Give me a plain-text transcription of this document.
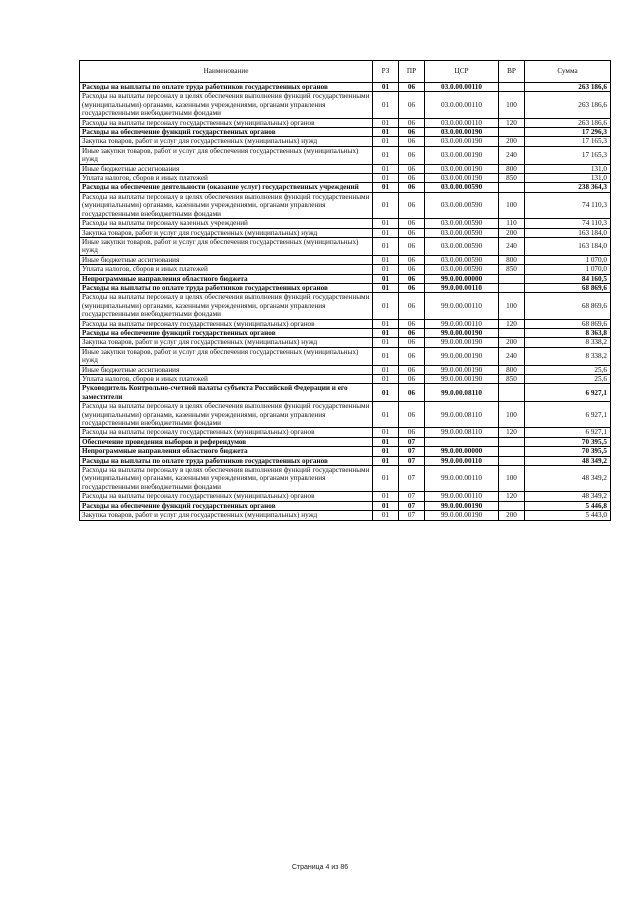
Наименование	РЗ	ПР	ЦСР	ВР	Сумма
Расходы на выплаты по оплате труда работников государственных органов	01	06	03.0.00.00110		263 186,6
Расходы на выплаты персоналу в целях обеспечения выполнения функций государственными (муниципальными) органами, казенными учреждениями, органами управления государственными внебюджетными фондами	01	06	03.0.00.00110	100	263 186,6
Расходы на выплаты персоналу государственных (муниципальных) органов	01	06	03.0.00.00110	120	263 186,6
Расходы на обеспечение функций государственных органов	01	06	03.0.00.00190		17 296,3
Закупка товаров, работ и услуг для государственных (муниципальных) нужд	01	06	03.0.00.00190	200	17 165,3
Иные закупки товаров, работ и услуг для обеспечения государственных (муниципальных) нужд	01	06	03.0.00.00190	240	17 165,3
Иные бюджетные ассигнования	01	06	03.0.00.00190	800	131,0
Уплата налогов, сборов и иных платежей	01	06	03.0.00.00190	850	131,0
Расходы на обеспечение деятельности (оказание услуг) государственных учреждений	01	06	03.0.00.00590		238 364,3
Расходы на выплаты персоналу в целях обеспечения выполнения функций государственными (муниципальными) органами, казенными учреждениями, органами управления государственными внебюджетными фондами	01	06	03.0.00.00590	100	74 110,3
Расходы на выплаты персоналу казенных учреждений	01	06	03.0.00.00590	110	74 110,3
Закупка товаров, работ и услуг для государственных (муниципальных) нужд	01	06	03.0.00.00590	200	163 184,0
Иные закупки товаров, работ и услуг для обеспечения государственных (муниципальных) нужд	01	06	03.0.00.00590	240	163 184,0
Иные бюджетные ассигнования	01	06	03.0.00.00590	800	1 070,0
Уплата налогов, сборов и иных платежей	01	06	03.0.00.00590	850	1 070,0
Непрограммные направления областного бюджета	01	06	99.0.00.00000		84 160,5
Расходы на выплаты по оплате труда работников государственных органов	01	06	99.0.00.00110		68 869,6
Расходы на выплаты персоналу в целях обеспечения выполнения функций государственными (муниципальными) органами, казенными учреждениями, органами управления государственными внебюджетными фондами	01	06	99.0.00.00110	100	68 869,6
Расходы на выплаты персоналу государственных (муниципальных) органов	01	06	99.0.00.00110	120	68 869,6
Расходы на обеспечение функций государственных органов	01	06	99.0.00.00190		8 363,8
Закупка товаров, работ и услуг для государственных (муниципальных) нужд	01	06	99.0.00.00190	200	8 338,2
Иные закупки товаров, работ и услуг для обеспечения государственных (муниципальных) нужд	01	06	99.0.00.00190	240	8 338,2
Иные бюджетные ассигнования	01	06	99.0.00.00190	800	25,6
Уплата налогов, сборов и иных платежей	01	06	99.0.00.00190	850	25,6
Руководитель Контрольно-счетной палаты субъекта Российской Федерации и его заместители	01	06	99.0.00.08110		6 927,1
Расходы на выплаты персоналу в целях обеспечения выполнения функций государственными (муниципальными) органами, казенными учреждениями, органами управления государственными внебюджетными фондами	01	06	99.0.00.08110	100	6 927,1
Расходы на выплаты персоналу государственных (муниципальных) органов	01	06	99.0.00.08110	120	6 927,1
Обеспечение проведения выборов и референдумов	01	07			70 395,5
Непрограммные направления областного бюджета	01	07	99.0.00.00000		70 395,5
Расходы на выплаты по оплате труда работников государственных органов	01	07	99.0.00.00110		48 349,2
Расходы на выплаты персоналу в целях обеспечения выполнения функций государственными (муниципальными) органами, казенными учреждениями, органами управления государственными внебюджетными фондами	01	07	99.0.00.00110	100	48 349,2
Расходы на выплаты персоналу государственных (муниципальных) органов	01	07	99.0.00.00110	120	48 349,2
Расходы на обеспечение функций государственных органов	01	07	99.0.00.00190		5 446,8
Закупка товаров, работ и услуг для государственных (муниципальных) нужд	01	07	99.0.00.00190	200	5 443,0
Страница 4 из 86
